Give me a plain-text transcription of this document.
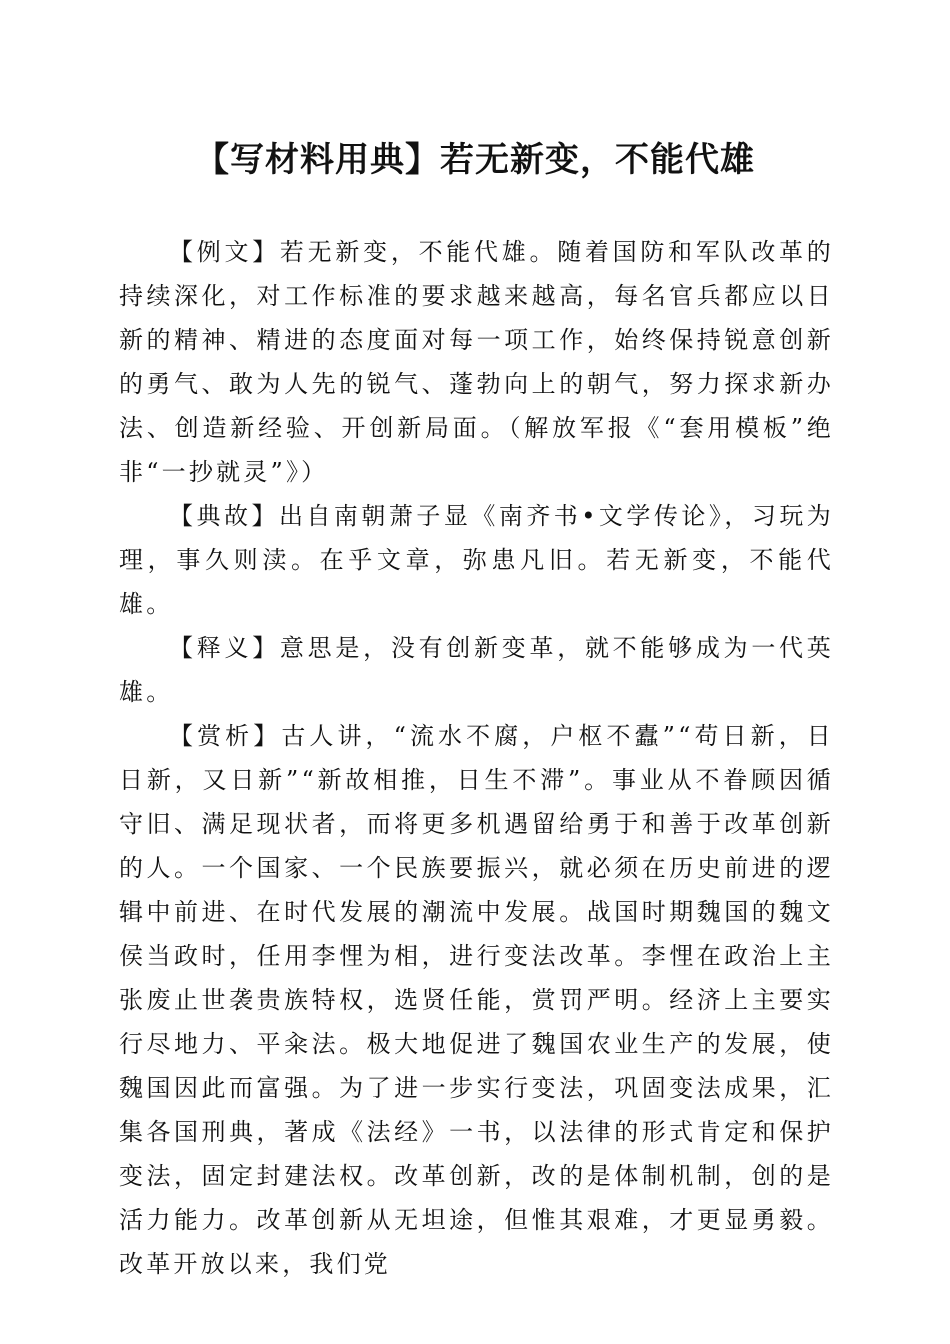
【写材料用典】若无新变，不能代雄

【例文】若无新变，不能代雄。随着国防和军队改革的持续深化，对工作标准的要求越来越高，每名官兵都应以日新的精神、精进的态度面对每一项工作，始终保持锐意创新的勇气、敢为人先的锐气、蓬勃向上的朝气，努力探求新办法、创造新经验、开创新局面。（解放军报《“套用模板”绝非“一抄就灵”》）

【典故】出自南朝萧子显《南齐书•文学传论》，习玩为理，事久则渎。在乎文章，弥患凡旧。若无新变，不能代雄。

【释义】意思是，没有创新变革，就不能够成为一代英雄。

【赏析】古人讲，“流水不腐，户枢不蠹”“苟日新，日日新，又日新”“新故相推，日生不滞”。事业从不眷顾因循守旧、满足现状者，而将更多机遇留给勇于和善于改革创新的人。一个国家、一个民族要振兴，就必须在历史前进的逻辑中前进、在时代发展的潮流中发展。战国时期魏国的魏文侯当政时，任用李悝为相，进行变法改革。李悝在政治上主张废止世袭贵族特权，选贤任能，赏罚严明。经济上主要实行尽地力、平籴法。极大地促进了魏国农业生产的发展，使魏国因此而富强。为了进一步实行变法，巩固变法成果，汇集各国刑典，著成《法经》一书，以法律的形式肯定和保护变法，固定封建法权。改革创新，改的是体制机制，创的是活力能力。改革创新从无坦途，但惟其艰难，才更显勇毅。改革开放以来，我们党
